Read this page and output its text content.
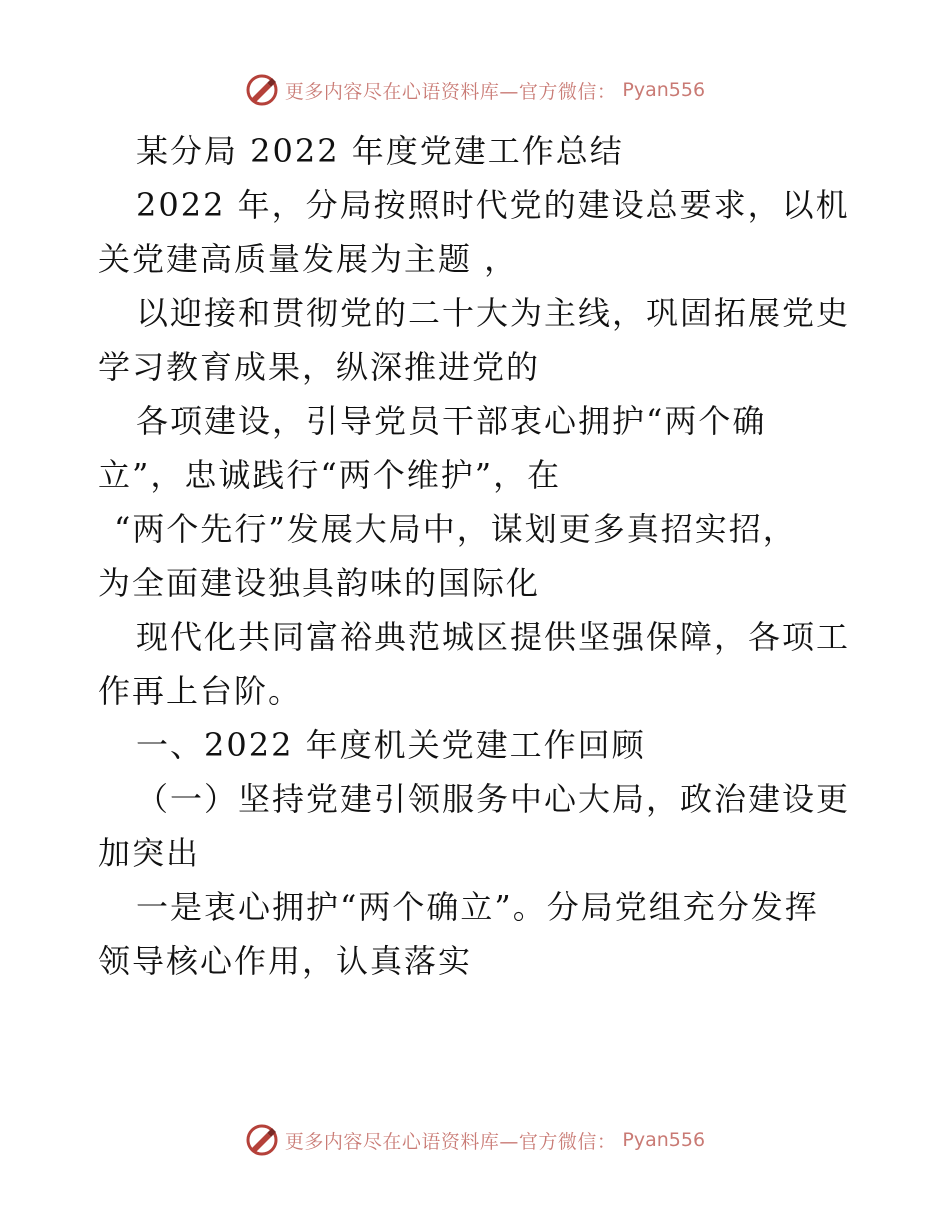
更多内容尽在心语资料库—官方微信： Pyan556
某分局 2022 年度党建工作总结
2022 年，分局按照时代党的建设总要求，以机
关党建高质量发展为主题 ，
以迎接和贯彻党的二十大为主线，巩固拓展党史
学习教育成果，纵深推进党的
各项建设，引导党员干部衷心拥护“两个确
立”，忠诚践行“两个维护”，在
“两个先行”发展大局中，谋划更多真招实招，
为全面建设独具韵味的国际化
现代化共同富裕典范城区提供坚强保障，各项工
作再上台阶。
一、2022 年度机关党建工作回顾
（一）坚持党建引领服务中心大局，政治建设更
加突出
一是衷心拥护“两个确立”。分局党组充分发挥
领导核心作用，认真落实
更多内容尽在心语资料库—官方微信： Pyan556
